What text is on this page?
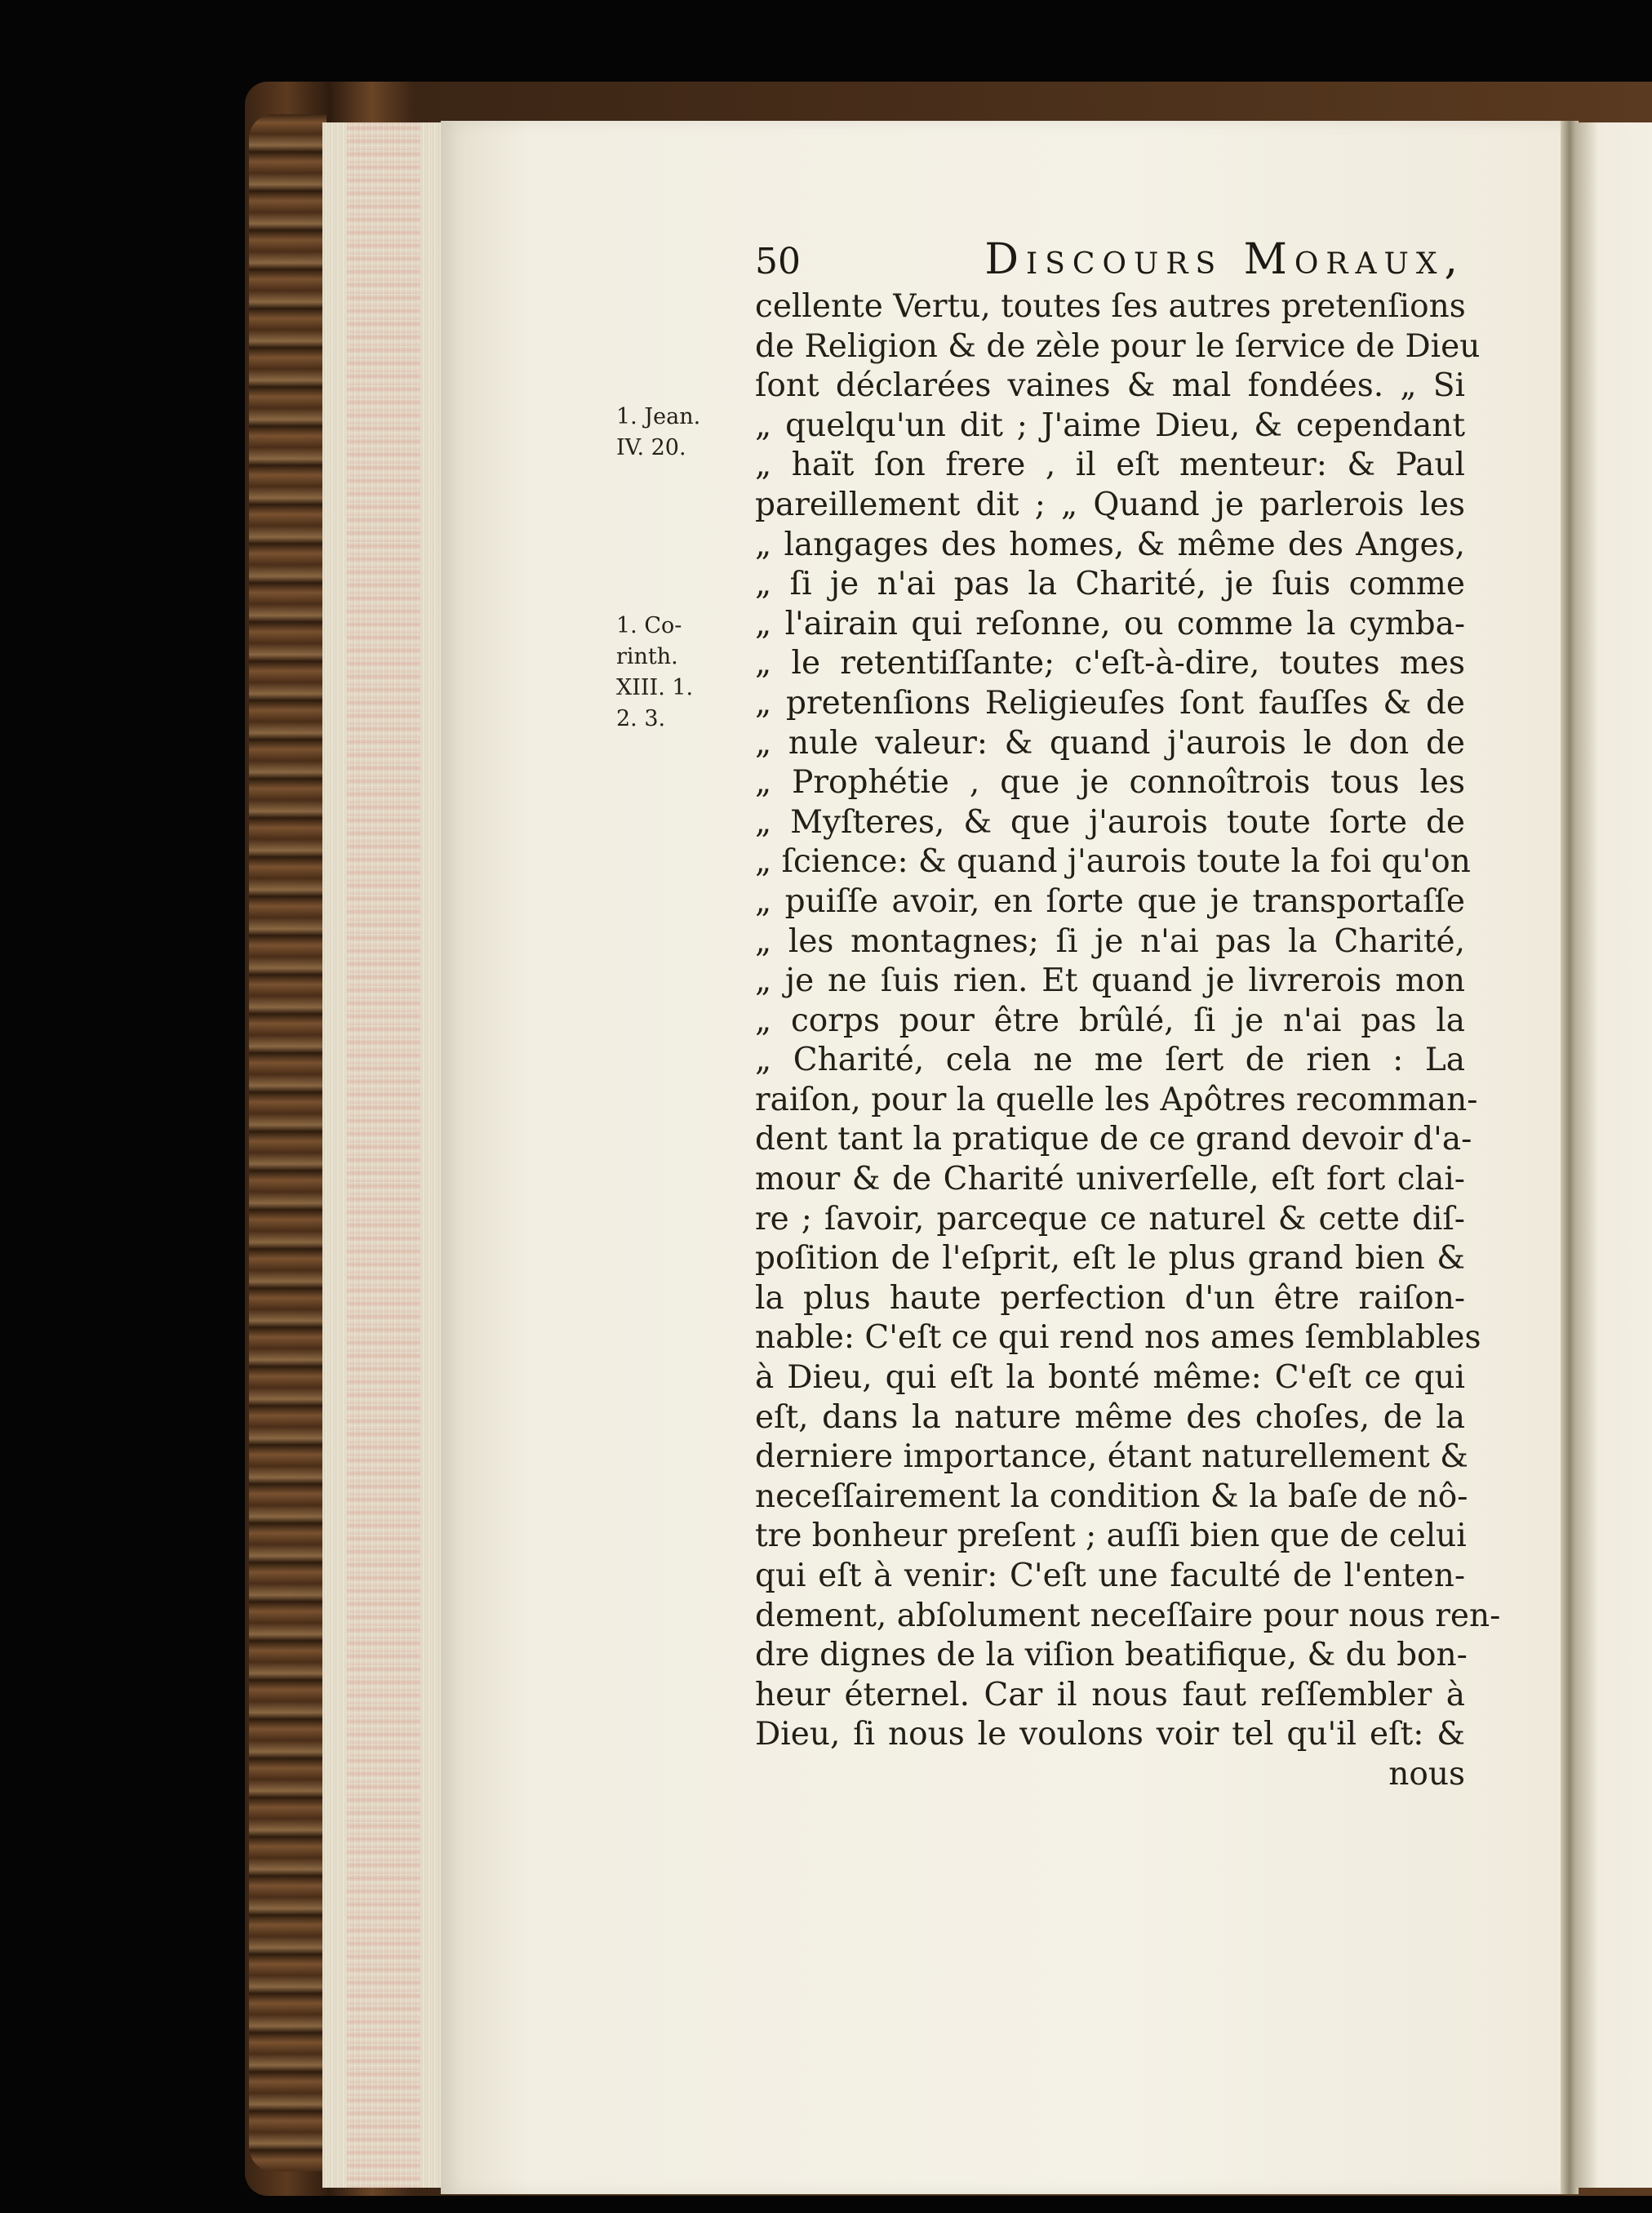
50	Discours Moraux,
1. Jean.
IV. 20.
1. Co-
rinth.
XIII. 1.
2. 3.
cellente Vertu, toutes ſes autres pretenſions
de Religion & de zèle pour le ſervice de Dieu
ſont déclarées vaines & mal fondées. „ Si
„ quelqu'un dit ; J'aime Dieu, & cependant
„ haït ſon frere , il eſt menteur: & Paul
pareillement dit ; „ Quand je parlerois les
„ langages des homes, & même des Anges,
„ ſi je n'ai pas la Charité, je ſuis comme
„ l'airain qui reſonne, ou comme la cymba-
„ le retentiſſante; c'eſt-à-dire, toutes mes
„ pretenſions Religieuſes ſont fauſſes & de
„ nule valeur: & quand j'aurois le don de
„ Prophétie , que je connoîtrois tous les
„ Myſteres, & que j'aurois toute ſorte de
„ ſcience: & quand j'aurois toute la foi qu'on
„ puiſſe avoir, en ſorte que je transportaſſe
„ les montagnes; ſi je n'ai pas la Charité,
„ je ne ſuis rien. Et quand je livrerois mon
„ corps pour être brûlé, ſi je n'ai pas la
„ Charité, cela ne me ſert de rien : La
raiſon, pour la quelle les Apôtres recomman-
dent tant la pratique de ce grand devoir d'a-
mour & de Charité univerſelle, eſt fort clai-
re ; ſavoir, parceque ce naturel & cette diſ-
poſition de l'eſprit, eſt le plus grand bien &
la plus haute perfection d'un être raiſon-
nable: C'eſt ce qui rend nos ames ſemblables
à Dieu, qui eſt la bonté même: C'eſt ce qui
eſt, dans la nature même des choſes, de la
derniere importance, étant naturellement &
neceſſairement la condition & la baſe de nô-
tre bonheur preſent ; auſſi bien que de celui
qui eſt à venir: C'eſt une faculté de l'enten-
dement, abſolument neceſſaire pour nous ren-
dre dignes de la viſion beatifique, & du bon-
heur éternel. Car il nous faut reſſembler à
Dieu, ſi nous le voulons voir tel qu'il eſt: &
nous
